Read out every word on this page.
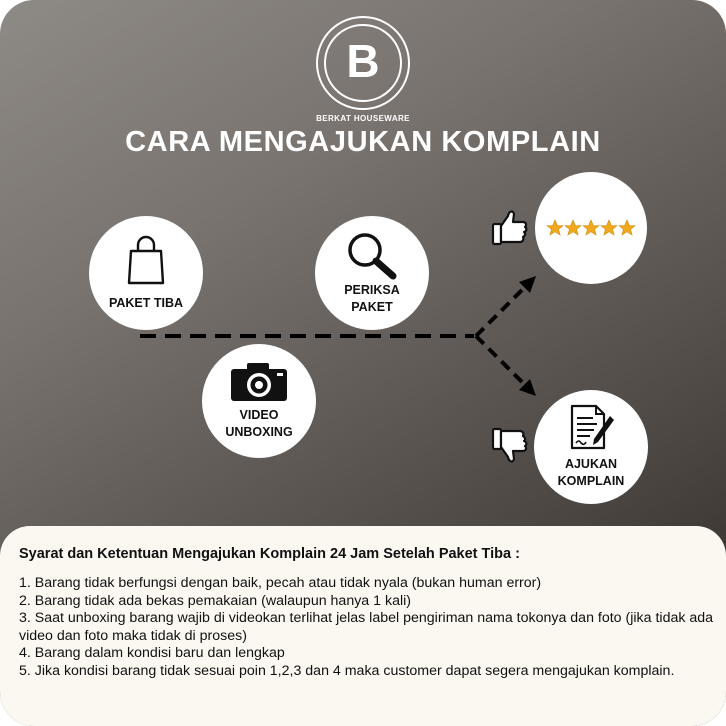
B
BERKAT HOUSEWARE
CARA MENGAJUKAN KOMPLAIN
PAKET TIBA
VIDEO
UNBOXING
PERIKSA
PAKET
AJUKAN
KOMPLAIN
Syarat dan Ketentuan Mengajukan Komplain 24 Jam Setelah Paket Tiba :
1. Barang tidak berfungsi dengan baik, pecah atau tidak nyala (bukan human error)
2. Barang tidak ada bekas pemakaian (walaupun hanya 1 kali)
3. Saat unboxing barang wajib di videokan terlihat jelas label pengiriman nama tokonya dan foto (jika tidak ada video dan foto maka tidak di proses)
4. Barang dalam kondisi baru dan lengkap
5. Jika kondisi barang tidak sesuai poin 1,2,3 dan 4 maka customer dapat segera mengajukan komplain.
